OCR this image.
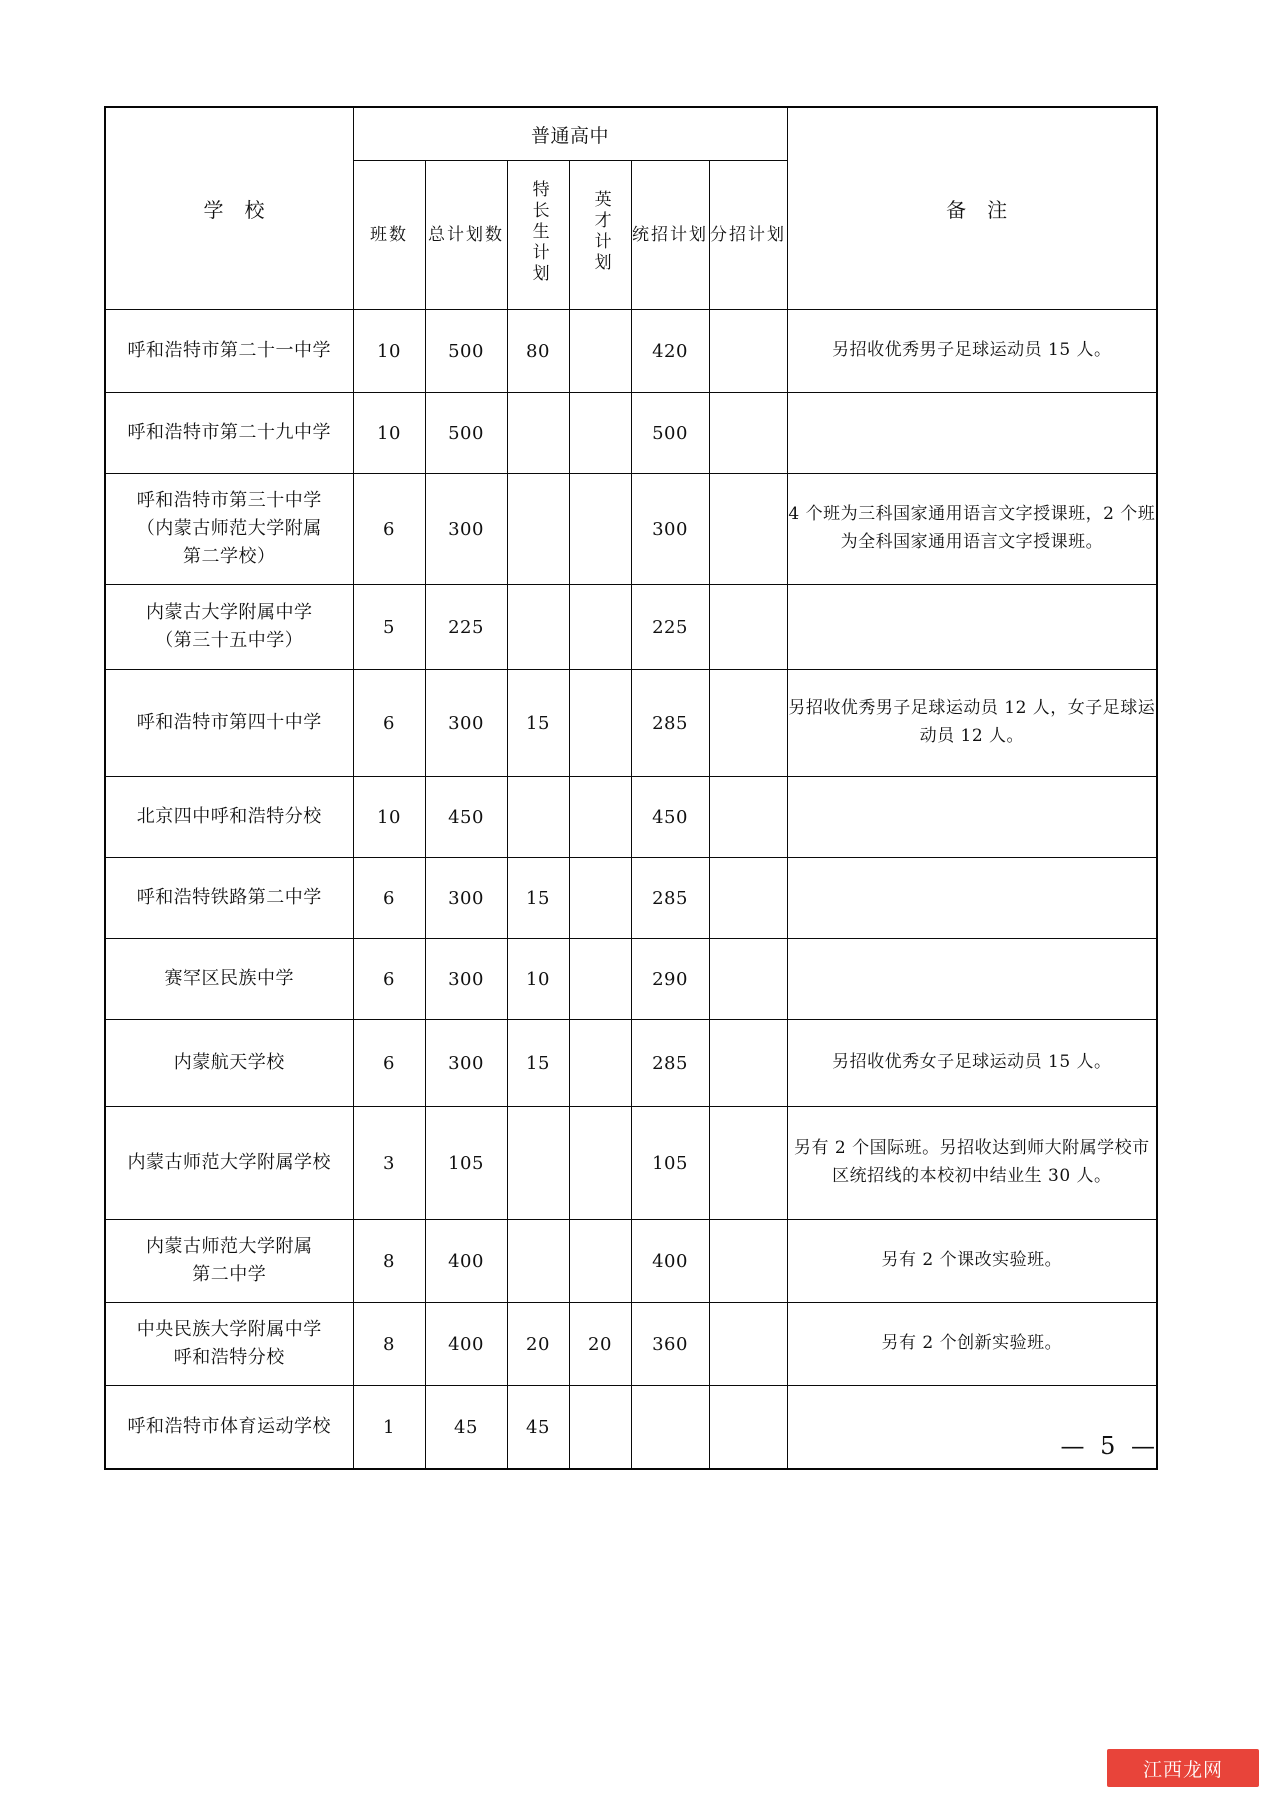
学　校	普通高中						备　注

	班数	总计划数	特长生计划	英才计划	统招计划	分招计划	

呼和浩特市第二十一中学	10	500	80		420		另招收优秀男子足球运动员 15 人。
呼和浩特市第二十九中学	10	500			500		
呼和浩特市第三十中学
（内蒙古师范大学附属
第二学校）	6	300			300		4 个班为三科国家通用语言文字授课班，2 个班为全科国家通用语言文字授课班。
内蒙古大学附属中学
（第三十五中学）	5	225			225		
呼和浩特市第四十中学	6	300	15		285		另招收优秀男子足球运动员 12 人，女子足球运动员 12 人。
北京四中呼和浩特分校	10	450			450		
呼和浩特铁路第二中学	6	300	15		285		
赛罕区民族中学	6	300	10		290		
内蒙航天学校	6	300	15		285		另招收优秀女子足球运动员 15 人。
内蒙古师范大学附属学校	3	105			105		另有 2 个国际班。另招收达到师大附属学校市区统招线的本校初中结业生 30 人。
内蒙古师范大学附属
第二中学	8	400			400		另有 2 个课改实验班。
中央民族大学附属中学
呼和浩特分校	8	400	20	20	360		另有 2 个创新实验班。
呼和浩特市体育运动学校	1	45	45				
— 5 —
江西龙网
